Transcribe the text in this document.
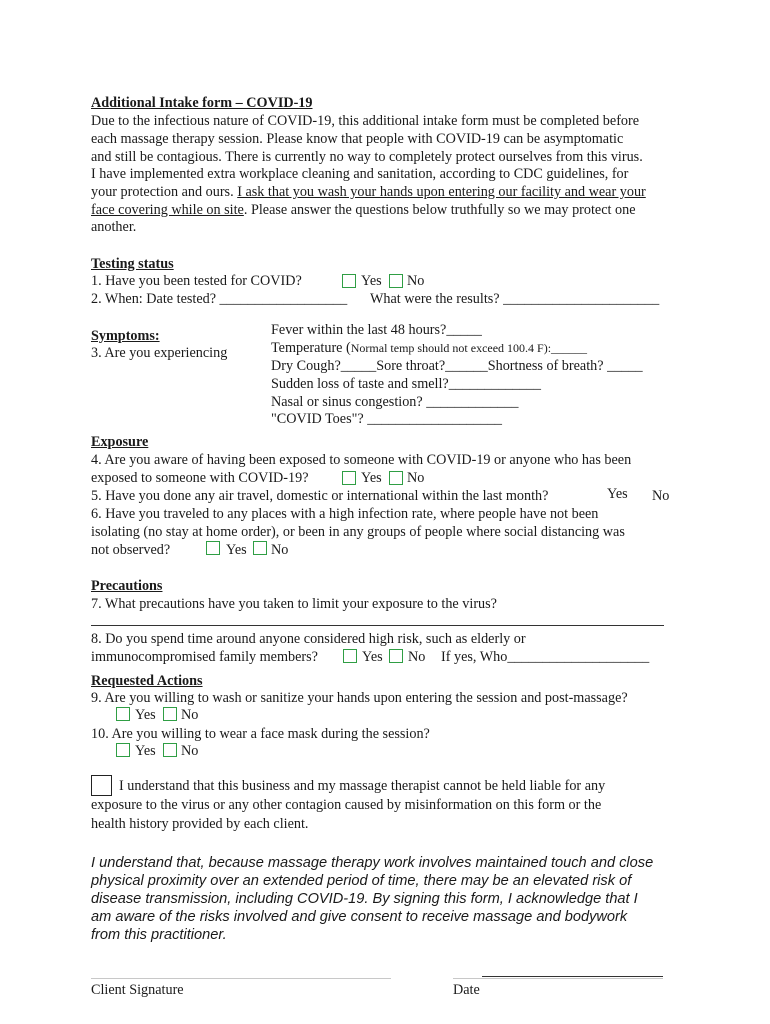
Additional Intake form – COVID-19
Due to the infectious nature of COVID-19, this additional intake form must be completed before
each massage therapy session. Please know that people with COVID-19 can be asymptomatic
and still be contagious. There is currently no way to completely protect ourselves from this virus.
I have implemented extra workplace cleaning and sanitation, according to CDC guidelines, for
your protection and ours. I ask that you wash your hands upon entering our facility and wear your
face covering while on site. Please answer the questions below truthfully so we may protect one
another.
Testing status
1. Have you been tested for COVID?	Yes No
2. When: Date tested? __________________ What were the results? ______________________
Symptoms:
3. Are you experiencing
Fever within the last 48 hours?_____
Temperature (Normal temp should not exceed 100.4 F):______
Dry Cough?_____Sore throat?______Shortness of breath? _____
Sudden loss of taste and smell?_____________
Nasal or sinus congestion? _____________
"COVID Toes"? ___________________
Exposure
4. Are you aware of having been exposed to someone with COVID-19 or anyone who has been
exposed to someone with COVID-19?	Yes No
5. Have you done any air travel, domestic or international within the last month?	Yes No
6. Have you traveled to any places with a high infection rate, where people have not been
isolating (no stay at home order), or been in any groups of people where social distancing was
not observed?	Yes No
Precautions
7. What precautions have you taken to limit your exposure to the virus?
8. Do you spend time around anyone considered high risk, such as elderly or
immunocompromised family members?	Yes No If yes, Who____________________
Requested Actions
9. Are you willing to wash or sanitize your hands upon entering the session and post-massage?
Yes No
10. Are you willing to wear a face mask during the session?
Yes No
I understand that this business and my massage therapist cannot be held liable for any
exposure to the virus or any other contagion caused by misinformation on this form or the
health history provided by each client.
I understand that, because massage therapy work involves maintained touch and close
physical proximity over an extended period of time, there may be an elevated risk of
disease transmission, including COVID-19. By signing this form, I acknowledge that I
am aware of the risks involved and give consent to receive massage and bodywork
from this practitioner.
Client Signature	Date
